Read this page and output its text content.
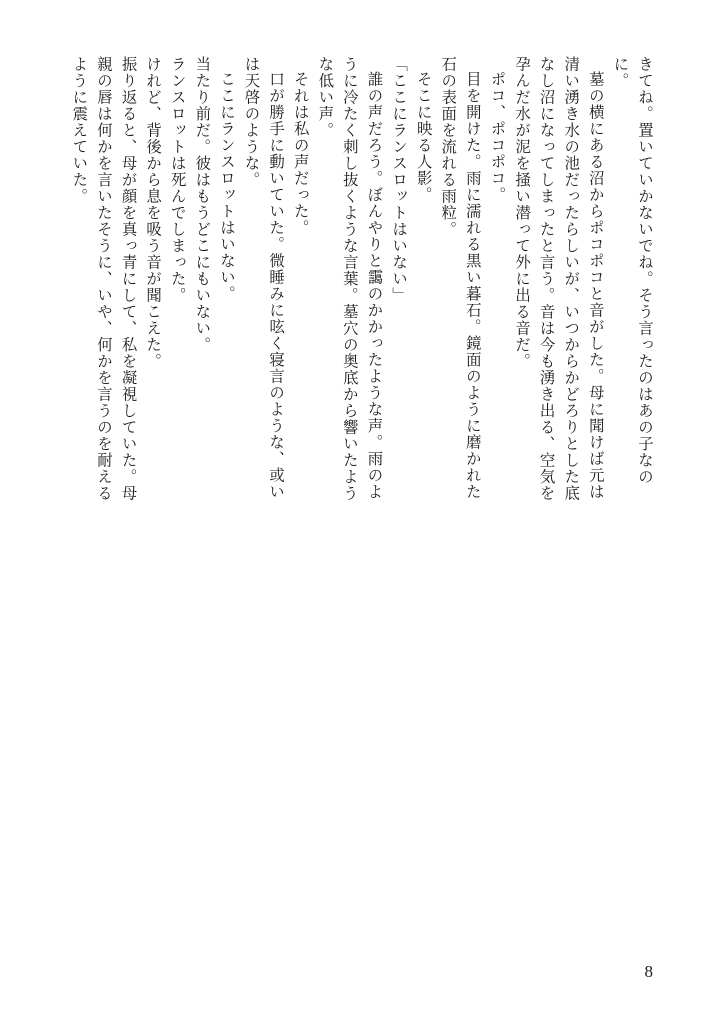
きてね。置いていかないでね。そう言ったのはあの子なのに。

墓の横にある沼からポコポコと音がした。母に聞けば元は清い湧き水の池だったらしいが、いつからかどろりとした底なし沼になってしまったと言う。音は今も湧き出る、空気を孕んだ水が泥を掻い潜って外に出る音だ。

ポコ、ポコポコ。

目を開けた。雨に濡れる黒い暮石。鏡面のように磨かれた石の表面を流れる雨粒。

そこに映る人影。

「ここにランスロットはいない」

誰の声だろう。ぼんやりと靄のかかったような声。雨のように冷たく刺し抜くような言葉。墓穴の奥底から響いたような低い声。

それは私の声だった。

口が勝手に動いていた。微睡みに呟く寝言のような、或いは天啓のような。

ここにランスロットはいない。

当たり前だ。彼はもうどこにもいない。

ランスロットは死んでしまった。

けれど、背後から息を吸う音が聞こえた。

振り返ると、母が顔を真っ青にして、私を凝視していた。母親の唇は何かを言いたそうに、いや、何かを言うのを耐えるように震えていた。

8
